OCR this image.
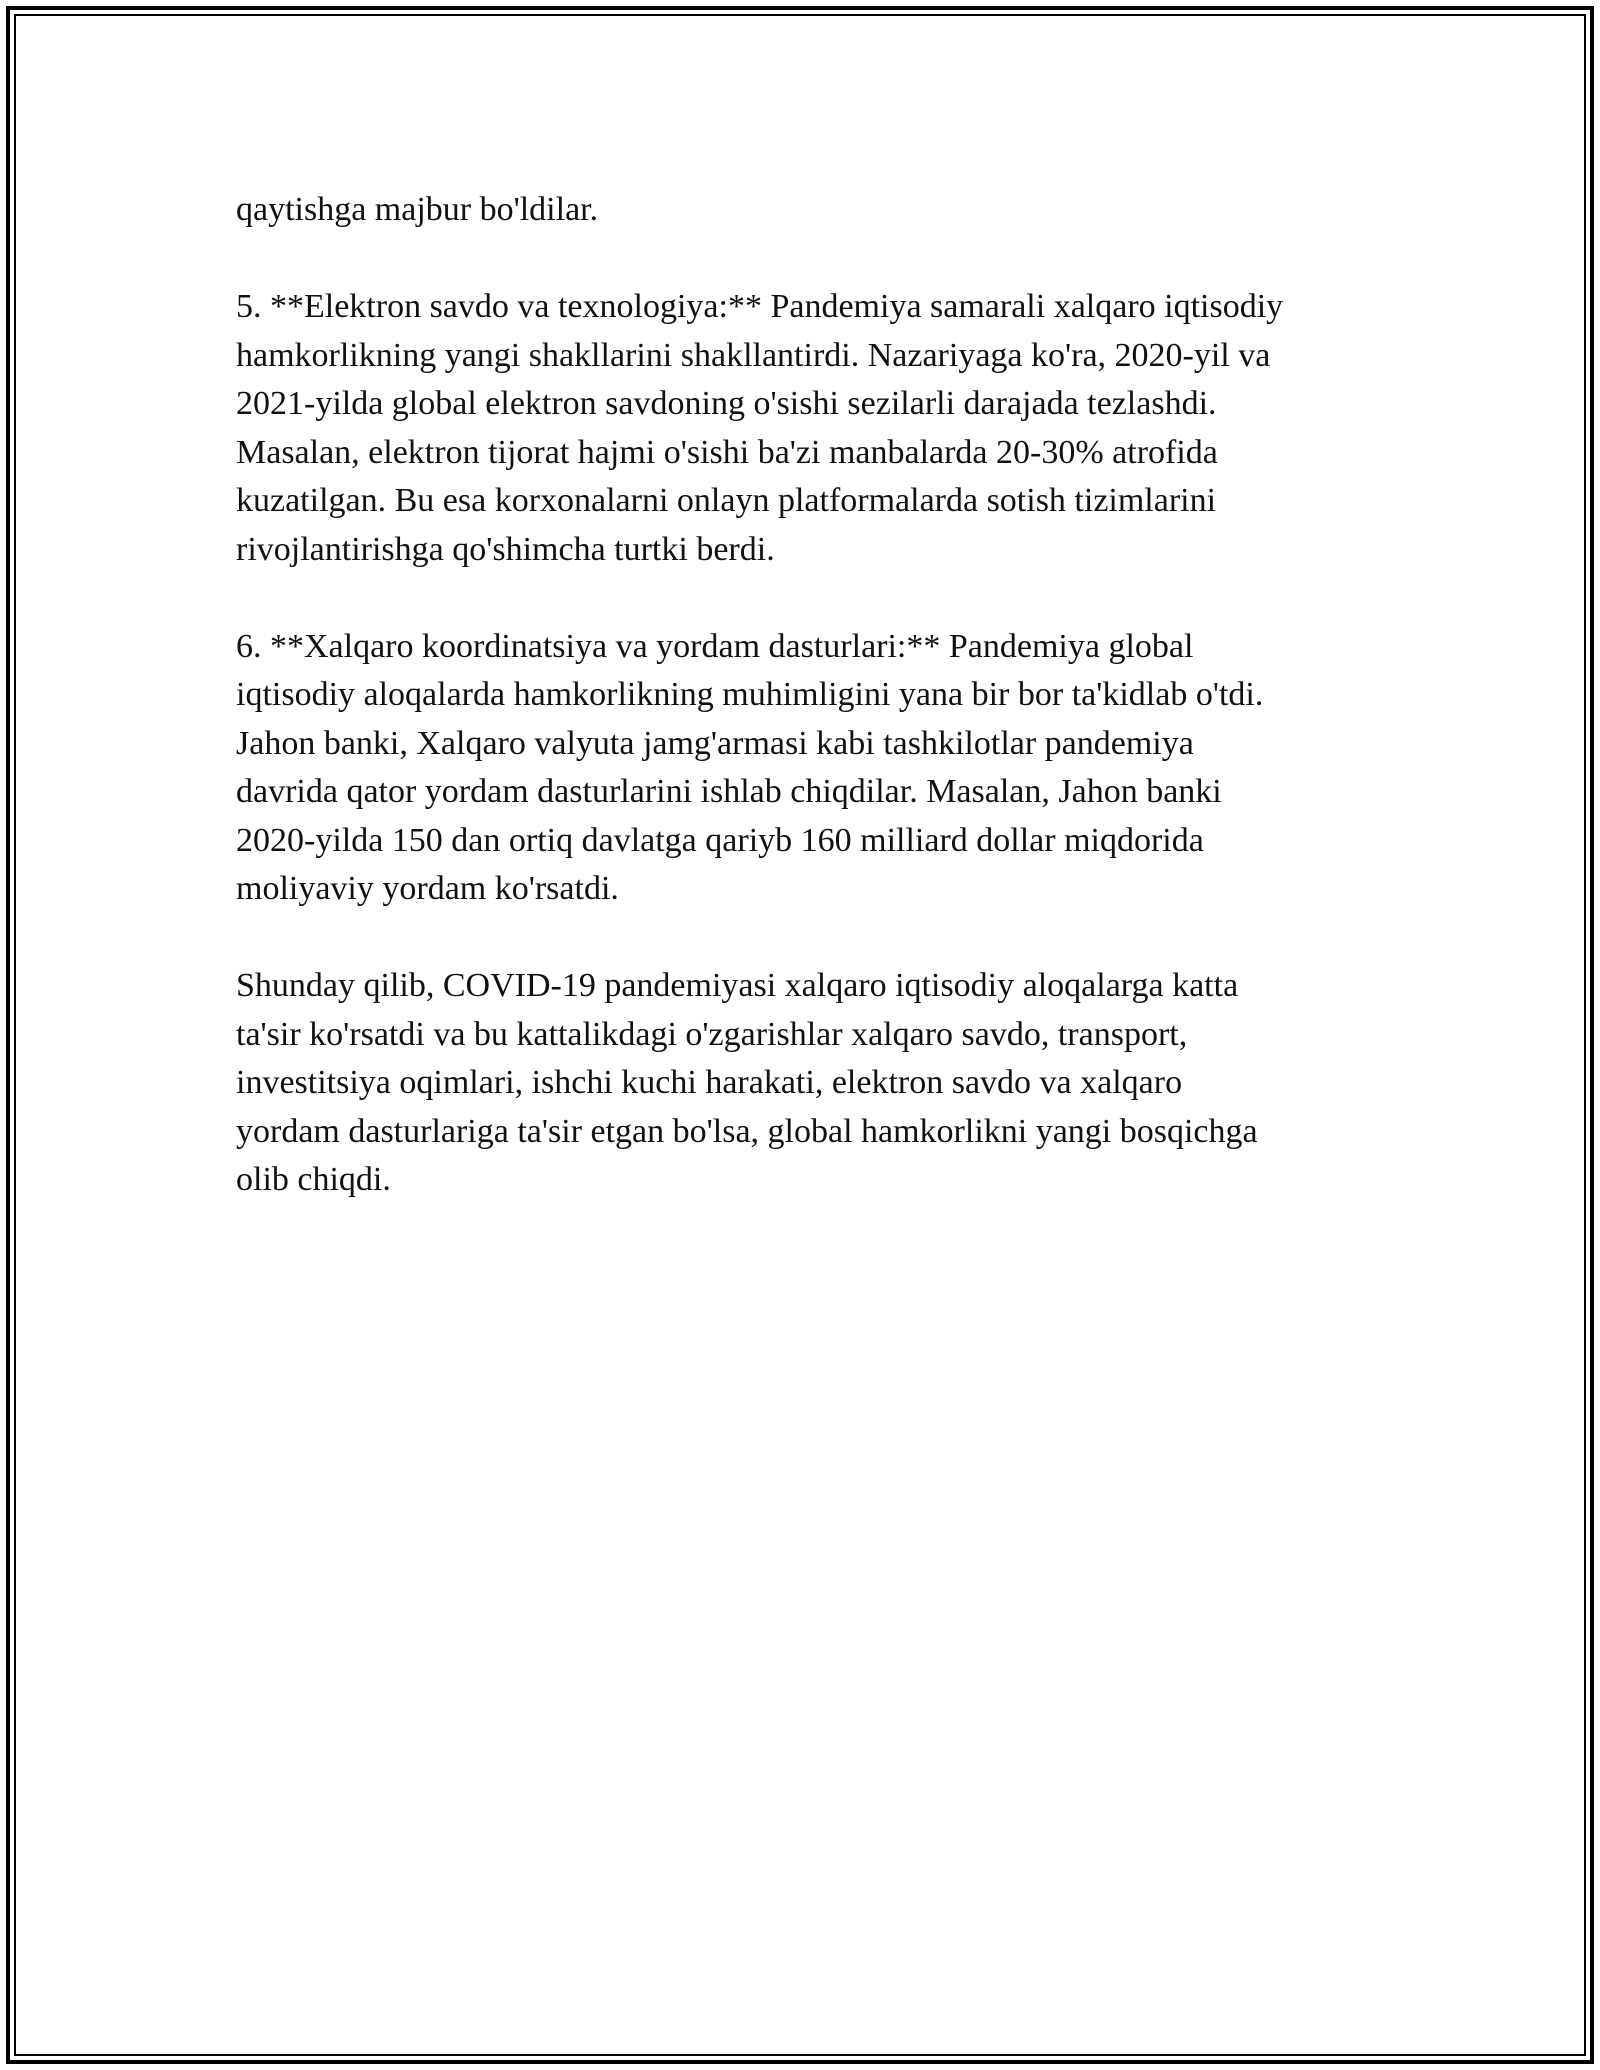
qaytishga majbur bo'ldilar.

5. **Elektron savdo va texnologiya:** Pandemiya samarali xalqaro iqtisodiy
hamkorlikning yangi shakllarini shakllantirdi. Nazariyaga ko'ra, 2020-yil va
2021-yilda global elektron savdoning o'sishi sezilarli darajada tezlashdi.
Masalan, elektron tijorat hajmi o'sishi ba'zi manbalarda 20-30% atrofida
kuzatilgan. Bu esa korxonalarni onlayn platformalarda sotish tizimlarini
rivojlantirishga qo'shimcha turtki berdi.

6. **Xalqaro koordinatsiya va yordam dasturlari:** Pandemiya global
iqtisodiy aloqalarda hamkorlikning muhimligini yana bir bor ta'kidlab o'tdi.
Jahon banki, Xalqaro valyuta jamg'armasi kabi tashkilotlar pandemiya
davrida qator yordam dasturlarini ishlab chiqdilar. Masalan, Jahon banki
2020-yilda 150 dan ortiq davlatga qariyb 160 milliard dollar miqdorida
moliyaviy yordam ko'rsatdi.

Shunday qilib, COVID-19 pandemiyasi xalqaro iqtisodiy aloqalarga katta
ta'sir ko'rsatdi va bu kattalikdagi o'zgarishlar xalqaro savdo, transport,
investitsiya oqimlari, ishchi kuchi harakati, elektron savdo va xalqaro
yordam dasturlariga ta'sir etgan bo'lsa, global hamkorlikni yangi bosqichga
olib chiqdi.
